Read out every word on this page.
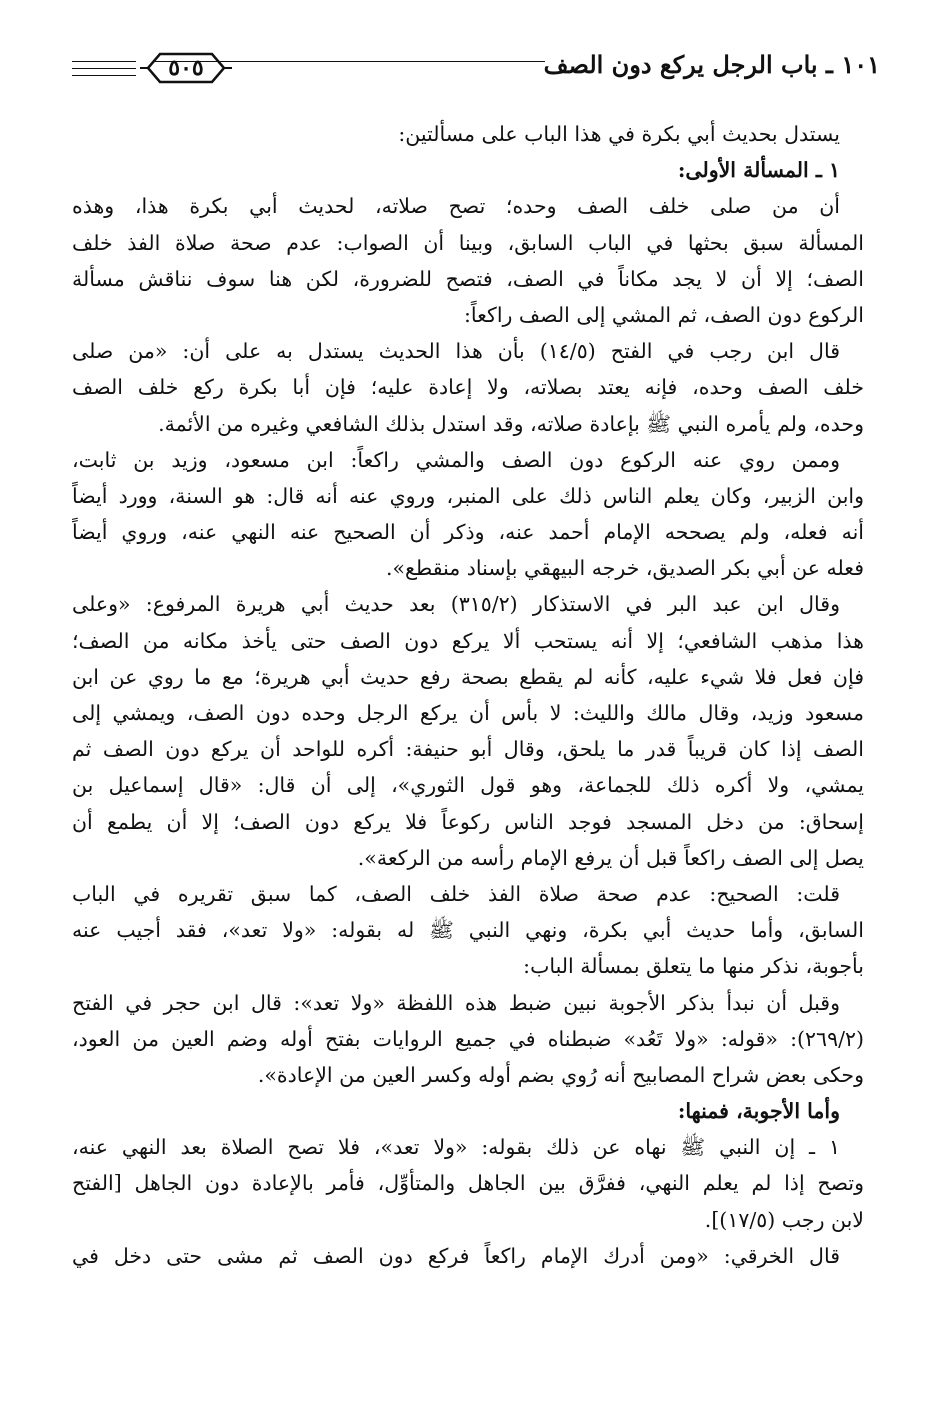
١٠١ ـ باب الرجل يركع دون الصف
٥٠٥
يستدل بحديث أبي بكرة في هذا الباب على مسألتين:
١ ـ المسألة الأولى:
أن من صلى خلف الصف وحده؛ تصح صلاته، لحديث أبي بكرة هذا، وهذه
المسألة سبق بحثها في الباب السابق، وبينا أن الصواب: عدم صحة صلاة الفذ خلف
الصف؛ إلا أن لا يجد مكاناً في الصف، فتصح للضرورة، لكن هنا سوف نناقش مسألة
الركوع دون الصف، ثم المشي إلى الصف راكعاً:
قال ابن رجب في الفتح (١٤/٥) بأن هذا الحديث يستدل به على أن: «من صلى
خلف الصف وحده، فإنه يعتد بصلاته، ولا إعادة عليه؛ فإن أبا بكرة ركع خلف الصف
وحده، ولم يأمره النبي ﷺ بإعادة صلاته، وقد استدل بذلك الشافعي وغيره من الأئمة.
وممن روي عنه الركوع دون الصف والمشي راكعاً: ابن مسعود، وزيد بن ثابت،
وابن الزبير، وكان يعلم الناس ذلك على المنبر، وروي عنه أنه قال: هو السنة، وورد أيضاً
أنه فعله، ولم يصححه الإمام أحمد عنه، وذكر أن الصحيح عنه النهي عنه، وروي أيضاً
فعله عن أبي بكر الصديق، خرجه البيهقي بإسناد منقطع».
وقال ابن عبد البر في الاستذكار (٣١٥/٢) بعد حديث أبي هريرة المرفوع: «وعلى
هذا مذهب الشافعي؛ إلا أنه يستحب ألا يركع دون الصف حتى يأخذ مكانه من الصف؛
فإن فعل فلا شيء عليه، كأنه لم يقطع بصحة رفع حديث أبي هريرة؛ مع ما روي عن ابن
مسعود وزيد، وقال مالك والليث: لا بأس أن يركع الرجل وحده دون الصف، ويمشي إلى
الصف إذا كان قريباً قدر ما يلحق، وقال أبو حنيفة: أكره للواحد أن يركع دون الصف ثم
يمشي، ولا أكره ذلك للجماعة، وهو قول الثوري»، إلى أن قال: «قال إسماعيل بن
إسحاق: من دخل المسجد فوجد الناس ركوعاً فلا يركع دون الصف؛ إلا أن يطمع أن
يصل إلى الصف راكعاً قبل أن يرفع الإمام رأسه من الركعة».
قلت: الصحيح: عدم صحة صلاة الفذ خلف الصف، كما سبق تقريره في الباب
السابق، وأما حديث أبي بكرة، ونهي النبي ﷺ له بقوله: «ولا تعد»، فقد أجيب عنه
بأجوبة، نذكر منها ما يتعلق بمسألة الباب:
وقبل أن نبدأ بذكر الأجوبة نبين ضبط هذه اللفظة «ولا تعد»: قال ابن حجر في الفتح
(٢٦٩/٢): «قوله: «ولا تَعُد» ضبطناه في جميع الروايات بفتح أوله وضم العين من العود،
وحكى بعض شراح المصابيح أنه رُوي بضم أوله وكسر العين من الإعادة».
وأما الأجوبة، فمنها:
١ ـ إن النبي ﷺ نهاه عن ذلك بقوله: «ولا تعد»، فلا تصح الصلاة بعد النهي عنه،
وتصح إذا لم يعلم النهي، ففرَّق بين الجاهل والمتأوِّل، فأمر بالإعادة دون الجاهل [الفتح
لابن رجب (١٧/٥)].
قال الخرقي: «ومن أدرك الإمام راكعاً فركع دون الصف ثم مشى حتى دخل في
